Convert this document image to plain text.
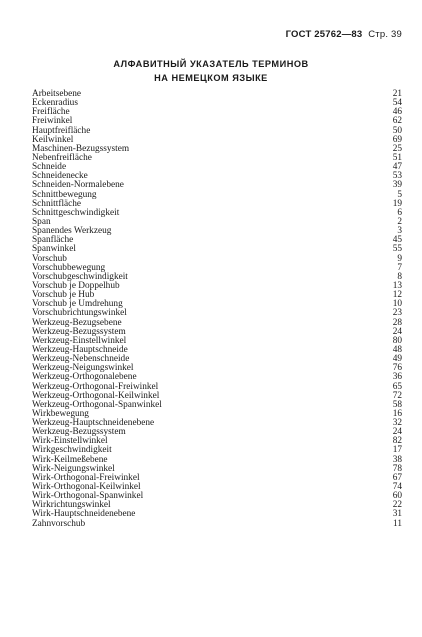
ГОСТ 25762—83 Стр. 39
АЛФАВИТНЫЙ УКАЗАТЕЛЬ ТЕРМИНОВ
НА НЕМЕЦКОМ ЯЗЫКЕ
Arbeitsebene	21
Eckenradius	54
Freifläche	46
Freiwinkel	62
Hauptfreifläche	50
Keilwinkel	69
Maschinen-Bezugssystem	25
Nebenfreifläche	51
Schneide	47
Schneidenecke	53
Schneiden-Normalebene	39
Schnittbewegung	5
Schnittfläche	19
Schnittgeschwindigkeit	6
Span	2
Spanendes Werkzeug	3
Spanfläche	45
Spanwinkel	55
Vorschub	9
Vorschubbewegung	7
Vorschubgeschwindigkeit	8
Vorschub je Doppelhub	13
Vorschub je Hub	12
Vorschub je Umdrehung	10
Vorschubrichtungswinkel	23
Werkzeug-Bezugsebene	28
Werkzeug-Bezugssystem	24
Werkzeug-Einstellwinkel	80
Werkzeug-Hauptschneide	48
Werkzeug-Nebenschneide	49
Werkzeug-Neigungswinkel	76
Werkzeug-Orthogonalebene	36
Werkzeug-Orthogonal-Freiwinkel	65
Werkzeug-Orthogonal-Keilwinkel	72
Werkzeug-Orthogonal-Spanwinkel	58
Wirkbewegung	16
Werkzeug-Hauptschneidenebene	32
Werkzeug-Bezugssystem	24
Wirk-Einstellwinkel	82
Wirkgeschwindigkeit	17
Wirk-Keilmeßebene	38
Wirk-Neigungswinkel	78
Wirk-Orthogonal-Freiwinkel	67
Wirk-Orthogonal-Keilwinkel	74
Wirk-Orthogonal-Spanwinkel	60
Wirkrichtungswinkel	22
Wirk-Hauptschneidenebene	31
Zahnvorschub	11
